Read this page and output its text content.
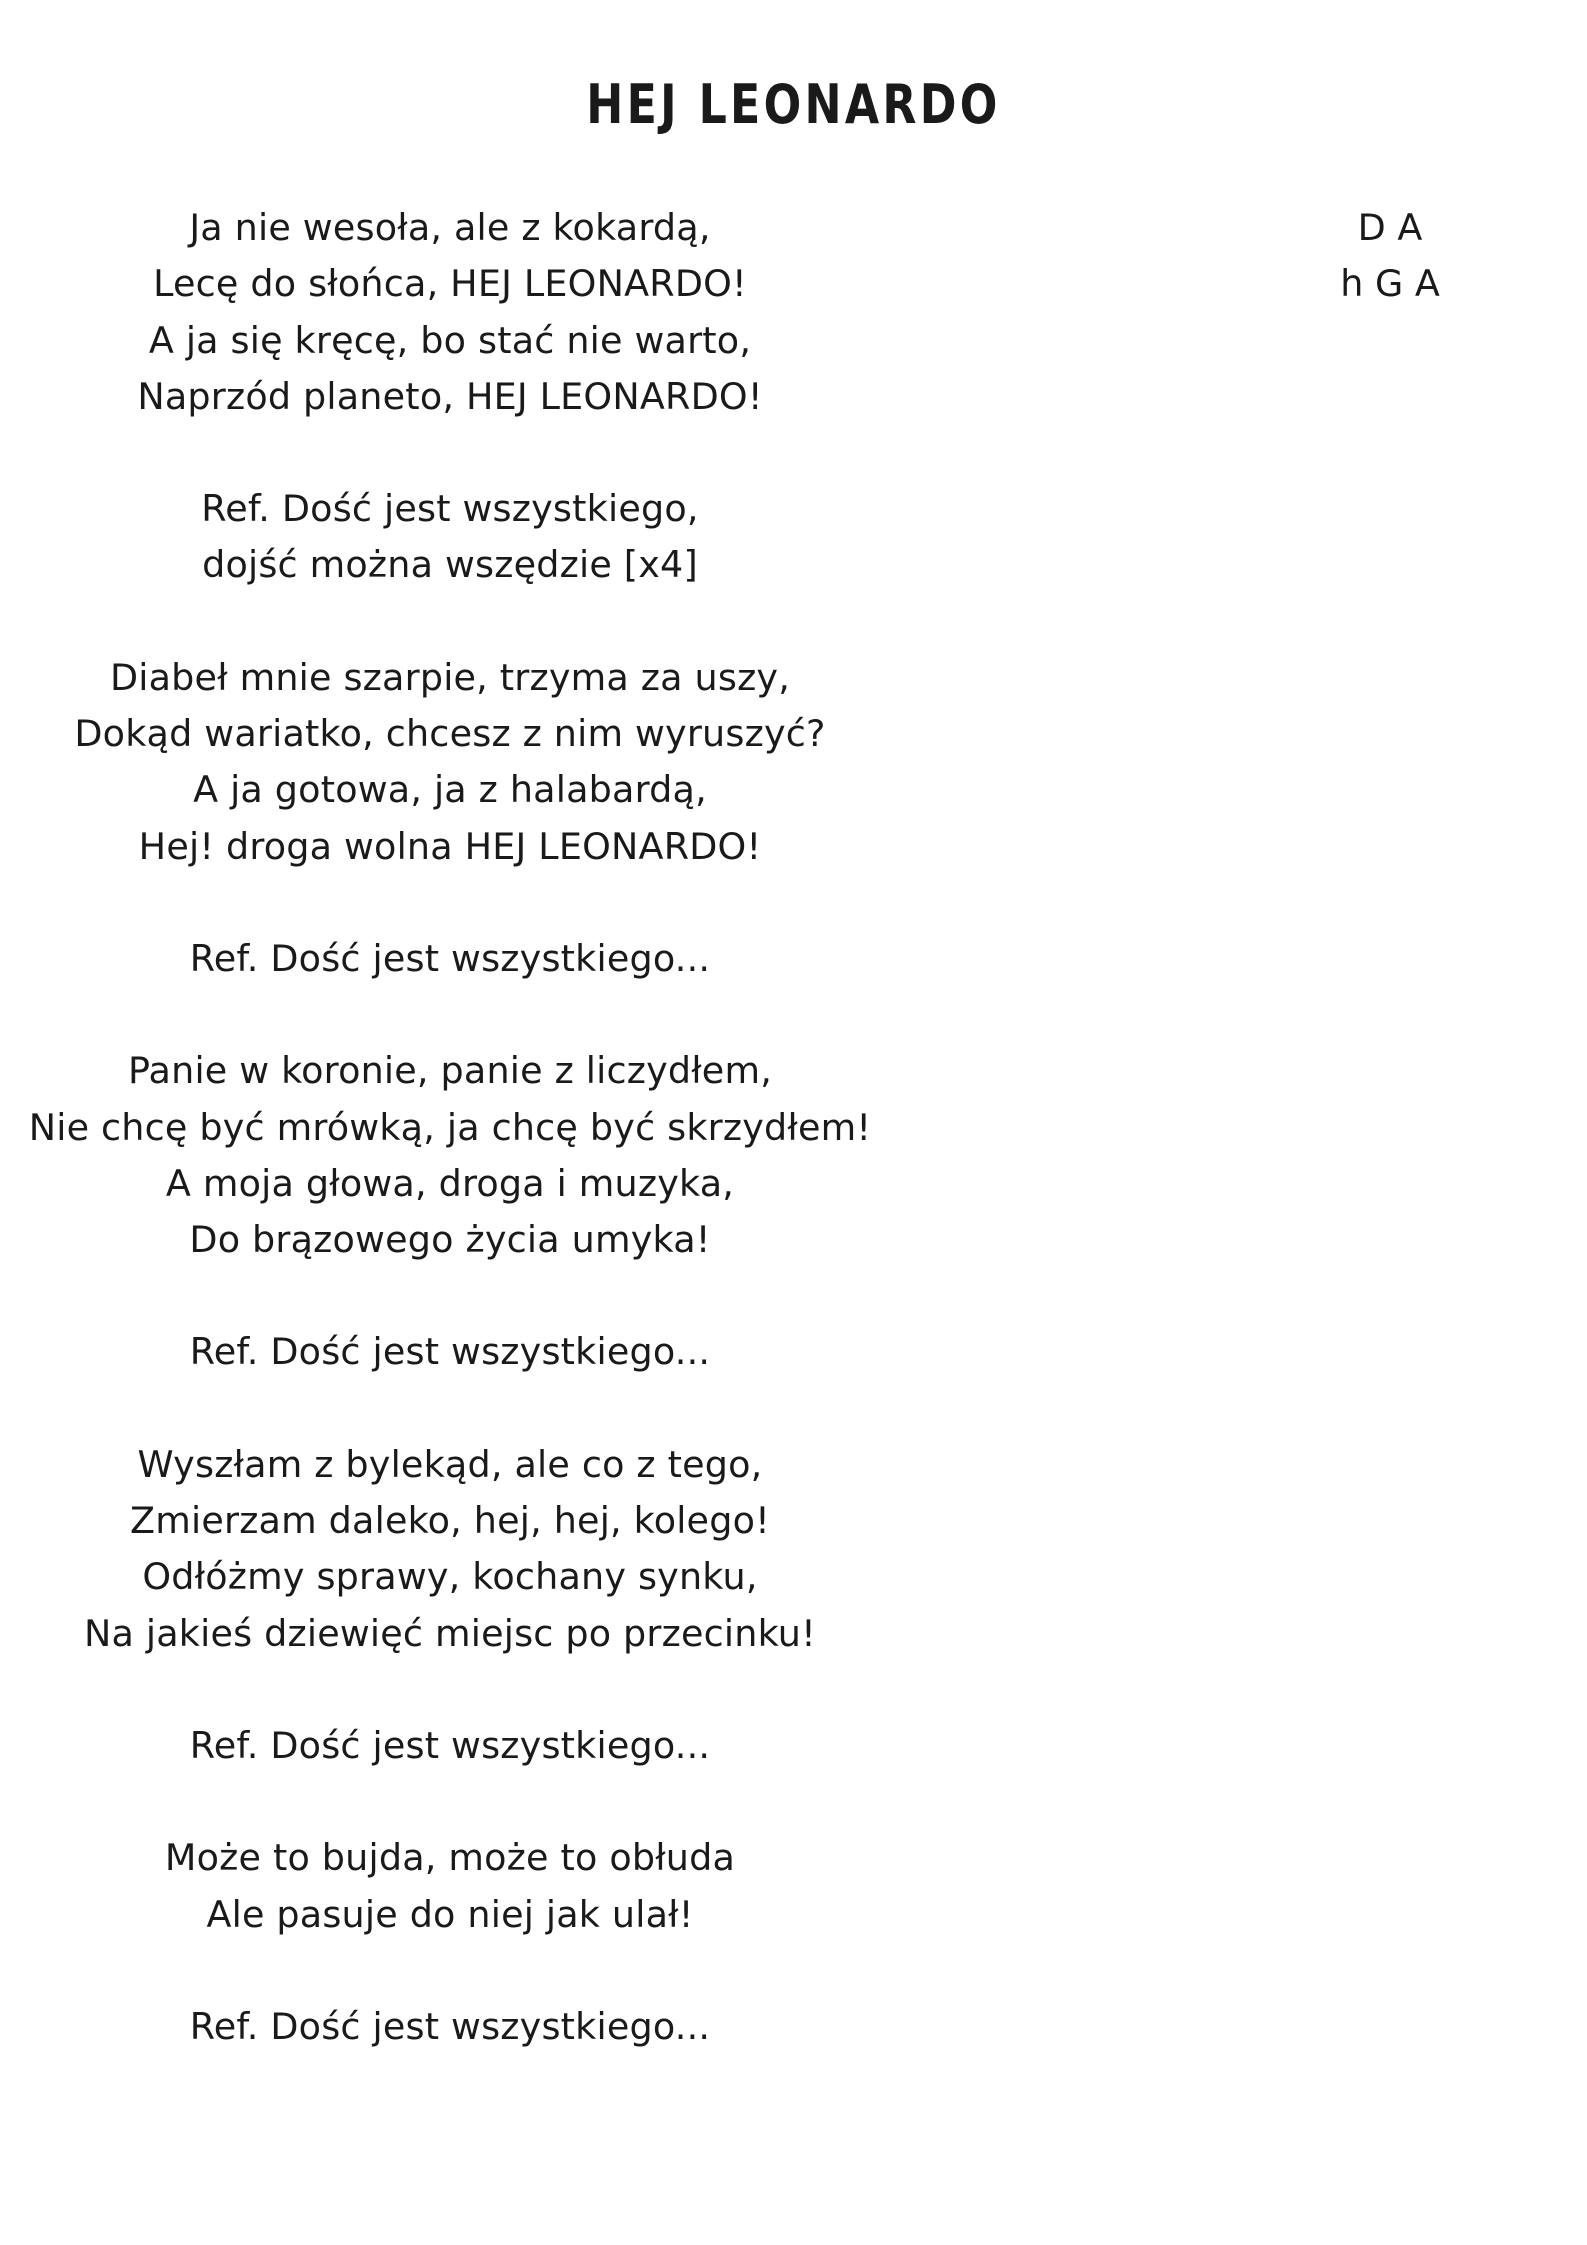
HEJ LEONARDO
Ja nie wesoła, ale z kokardą,
Lecę do słońca, HEJ LEONARDO!
A ja się kręcę, bo stać nie warto,
Naprzód planeto, HEJ LEONARDO!
Ref. Dość jest wszystkiego,
dojść można wszędzie [x4]
Diabeł mnie szarpie, trzyma za uszy,
Dokąd wariatko, chcesz z nim wyruszyć?
A ja gotowa, ja z halabardą,
Hej! droga wolna HEJ LEONARDO!
Ref. Dość jest wszystkiego...
Panie w koronie, panie z liczydłem,
Nie chcę być mrówką, ja chcę być skrzydłem!
A moja głowa, droga i muzyka,
Do brązowego życia umyka!
Ref. Dość jest wszystkiego...
Wyszłam z bylekąd, ale co z tego,
Zmierzam daleko, hej, hej, kolego!
Odłóżmy sprawy, kochany synku,
Na jakieś dziewięć miejsc po przecinku!
Ref. Dość jest wszystkiego...
Może to bujda, może to obłuda
Ale pasuje do niej jak ulał!
Ref. Dość jest wszystkiego...
D A
h G A
